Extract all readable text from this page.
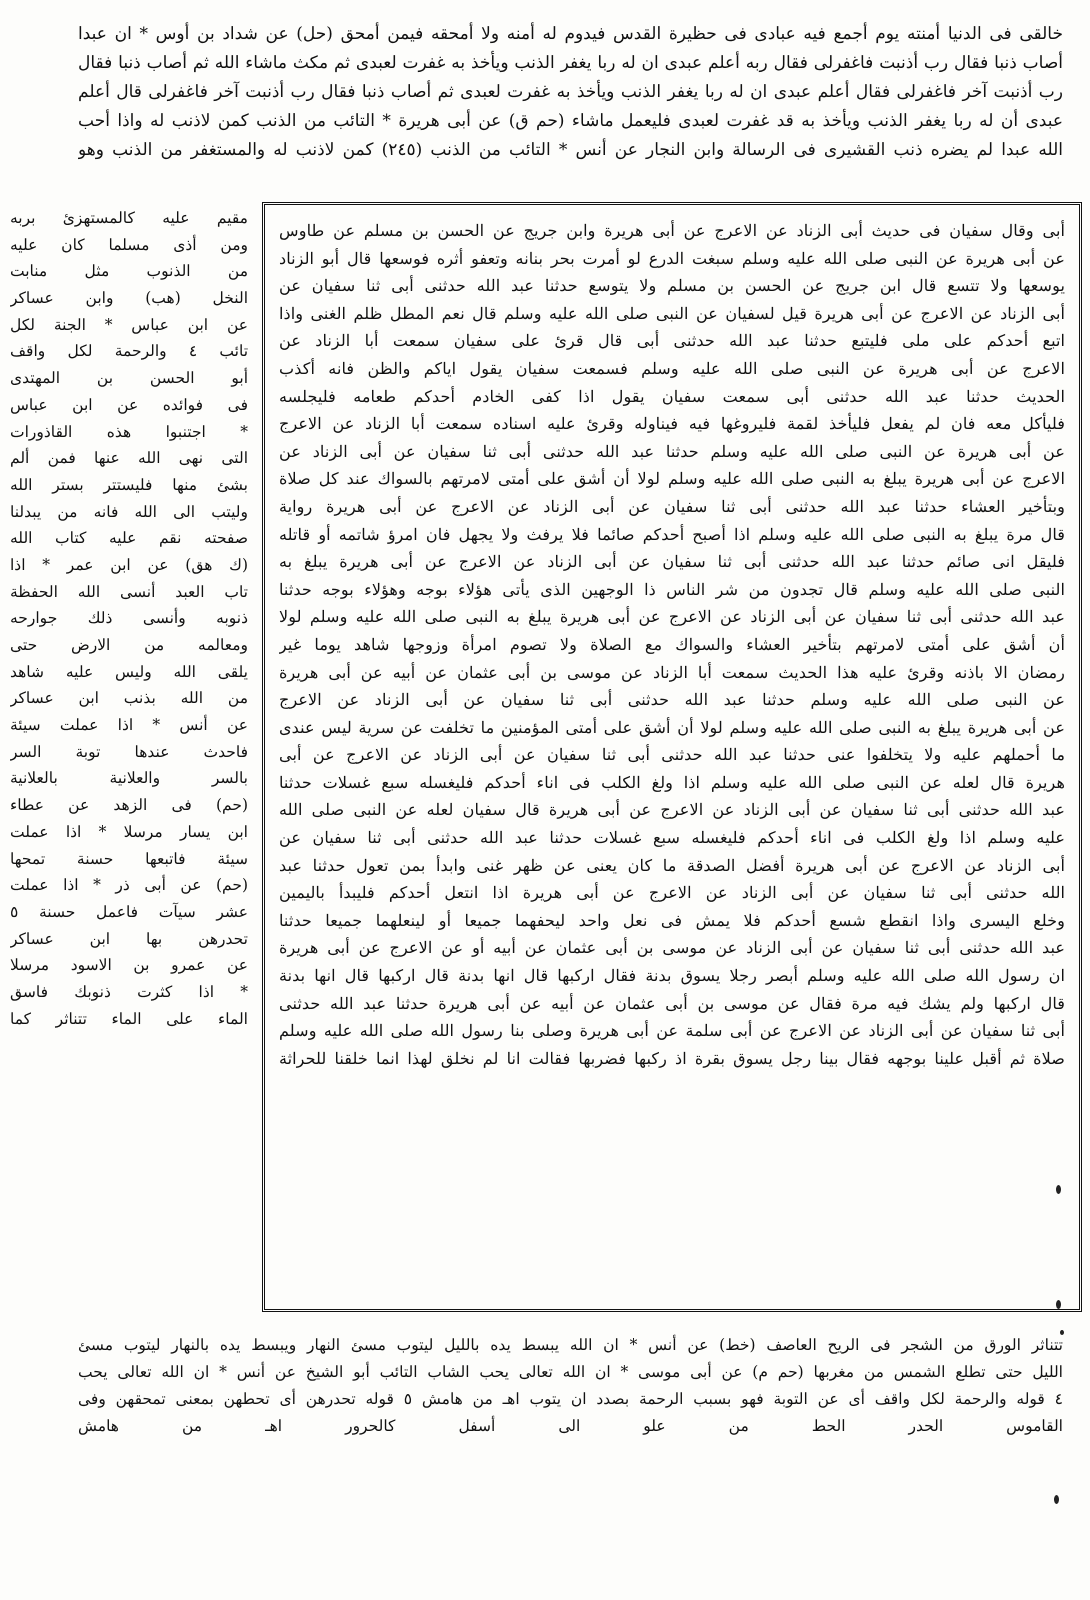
خالقى فى الدنيا أمنته يوم أجمع فيه عبادى فى حظيرة القدس فيدوم له أمنه ولا أمحقه فيمن أمحق (حل) عن شداد بن أوس * ان عبدا
أصاب ذنبا فقال رب أذنبت فاغفرلى فقال ربه أعلم عبدى ان له ربا يغفر الذنب ويأخذ به غفرت لعبدى ثم مكث ماشاء الله ثم أصاب ذنبا فقال
رب أذنبت آخر فاغفرلى فقال أعلم عبدى ان له ربا يغفر الذنب ويأخذ به غفرت لعبدى ثم أصاب ذنبا فقال رب أذنبت آخر فاغفرلى قال أعلم
عبدى أن له ربا يغفر الذنب ويأخذ به قد غفرت لعبدى فليعمل ماشاء (حم ق) عن أبى هريرة * التائب من الذنب كمن لاذنب له واذا أحب
الله عبدا لم يضره ذنب القشيرى فى الرسالة وابن النجار عن أنس * التائب من الذنب (٢٤٥) كمن لاذنب له والمستغفر من الذنب وهو
مقيم عليه كالمستهزئ بربه
ومن أذى مسلما كان عليه
من الذنوب مثل منابت
النخل (هب) وابن عساكر
عن ابن عباس * الجنة لكل
تائب ٤ والرحمة لكل واقف
أبو الحسن بن المهتدى
فى فوائده عن ابن عباس
* اجتنبوا هذه القاذورات
التى نهى الله عنها فمن ألم
بشئ منها فليستتر بستر الله
وليتب الى الله فانه من يبدلنا
صفحته نقم عليه كتاب الله
(ك هق) عن ابن عمر * اذا
تاب العبد أنسى الله الحفظة
ذنوبه وأنسى ذلك جوارحه
ومعالمه من الارض حتى
يلقى الله وليس عليه شاهد
من الله بذنب ابن عساكر
عن أنس * اذا عملت سيئة
فاحدث عندها توبة السر
بالسر والعلانية بالعلانية
(حم) فى الزهد عن عطاء
ابن يسار مرسلا * اذا عملت
سيئة فاتبعها حسنة تمحها
(حم) عن أبى ذر * اذا عملت
عشر سيآت فاعمل حسنة ٥
تحدرهن بها ابن عساكر
عن عمرو بن الاسود مرسلا
* اذا كثرت ذنوبك فاسق
الماء على الماء تتناثر كما
أبى وقال سفيان فى حديث أبى الزناد عن الاعرج عن أبى هريرة وابن جريج عن الحسن بن مسلم عن طاوس
عن أبى هريرة عن النبى صلى الله عليه وسلم سبغت الدرع لو أمرت بحر بنانه وتعفو أثره فوسعها قال أبو الزناد
يوسعها ولا تتسع قال ابن جريج عن الحسن بن مسلم ولا يتوسع حدثنا عبد الله حدثنى أبى ثنا سفيان عن
أبى الزناد عن الاعرج عن أبى هريرة قيل لسفيان عن النبى صلى الله عليه وسلم قال نعم المطل ظلم الغنى واذا
اتبع أحدكم على ملى فليتبع حدثنا عبد الله حدثنى أبى قال قرئ على سفيان سمعت أبا الزناد عن
الاعرج عن أبى هريرة عن النبى صلى الله عليه وسلم فسمعت سفيان يقول اياكم والظن فانه أكذب
الحديث حدثنا عبد الله حدثنى أبى سمعت سفيان يقول اذا كفى الخادم أحدكم طعامه فليجلسه
فليأكل معه فان لم يفعل فليأخذ لقمة فليروغها فيه فيناوله وقرئ عليه اسناده سمعت أبا الزناد عن الاعرج
عن أبى هريرة عن النبى صلى الله عليه وسلم حدثنا عبد الله حدثنى أبى ثنا سفيان عن أبى الزناد عن
الاعرج عن أبى هريرة يبلغ به النبى صلى الله عليه وسلم لولا أن أشق على أمتى لامرتهم بالسواك عند كل صلاة
وبتأخير العشاء حدثنا عبد الله حدثنى أبى ثنا سفيان عن أبى الزناد عن الاعرج عن أبى هريرة رواية
قال مرة يبلغ به النبى صلى الله عليه وسلم اذا أصبح أحدكم صائما فلا يرفث ولا يجهل فان امرؤ شاتمه أو قاتله
فليقل انى صائم حدثنا عبد الله حدثنى أبى ثنا سفيان عن أبى الزناد عن الاعرج عن أبى هريرة يبلغ به
النبى صلى الله عليه وسلم قال تجدون من شر الناس ذا الوجهين الذى يأتى هؤلاء بوجه وهؤلاء بوجه حدثنا
عبد الله حدثنى أبى ثنا سفيان عن أبى الزناد عن الاعرج عن أبى هريرة يبلغ به النبى صلى الله عليه وسلم لولا
أن أشق على أمتى لامرتهم بتأخير العشاء والسواك مع الصلاة ولا تصوم امرأة وزوجها شاهد يوما غير
رمضان الا باذنه وقرئ عليه هذا الحديث سمعت أبا الزناد عن موسى بن أبى عثمان عن أبيه عن أبى هريرة
عن النبى صلى الله عليه وسلم حدثنا عبد الله حدثنى أبى ثنا سفيان عن أبى الزناد عن الاعرج
عن أبى هريرة يبلغ به النبى صلى الله عليه وسلم لولا أن أشق على أمتى المؤمنين ما تخلفت عن سرية ليس عندى
ما أحملهم عليه ولا يتخلفوا عنى حدثنا عبد الله حدثنى أبى ثنا سفيان عن أبى الزناد عن الاعرج عن أبى
هريرة قال لعله عن النبى صلى الله عليه وسلم اذا ولغ الكلب فى اناء أحدكم فليغسله سبع غسلات حدثنا
عبد الله حدثنى أبى ثنا سفيان عن أبى الزناد عن الاعرج عن أبى هريرة قال سفيان لعله عن النبى صلى الله
عليه وسلم اذا ولغ الكلب فى اناء أحدكم فليغسله سبع غسلات حدثنا عبد الله حدثنى أبى ثنا سفيان عن
أبى الزناد عن الاعرج عن أبى هريرة أفضل الصدقة ما كان يعنى عن ظهر غنى وابدأ بمن تعول حدثنا عبد
الله حدثنى أبى ثنا سفيان عن أبى الزناد عن الاعرج عن أبى هريرة اذا انتعل أحدكم فليبدأ باليمين
وخلع اليسرى واذا انقطع شسع أحدكم فلا يمش فى نعل واحد ليحفهما جميعا أو لينعلهما جميعا حدثنا
عبد الله حدثنى أبى ثنا سفيان عن أبى الزناد عن موسى بن أبى عثمان عن أبيه أو عن الاعرج عن أبى هريرة
ان رسول الله صلى الله عليه وسلم أبصر رجلا يسوق بدنة فقال اركبها قال انها بدنة قال اركبها قال انها بدنة
قال اركبها ولم يشك فيه مرة فقال عن موسى بن أبى عثمان عن أبيه عن أبى هريرة حدثنا عبد الله حدثنى
أبى ثنا سفيان عن أبى الزناد عن الاعرج عن أبى سلمة عن أبى هريرة وصلى بنا رسول الله صلى الله عليه وسلم
صلاة ثم أقبل علينا بوجهه فقال بينا رجل يسوق بقرة اذ ركبها فضربها فقالت انا لم نخلق لهذا انما خلقنا للحراثة
تتناثر الورق من الشجر فى الريح العاصف (خط) عن أنس * ان الله يبسط يده بالليل ليتوب مسئ النهار ويبسط يده بالنهار ليتوب مسئ
الليل حتى تطلع الشمس من مغربها (حم م) عن أبى موسى * ان الله تعالى يحب الشاب التائب أبو الشيخ عن أنس * ان الله تعالى يحب
٤ قوله والرحمة لكل واقف أى عن التوبة فهو بسبب الرحمة بصدد ان يتوب اهـ من هامش ٥ قوله تحدرهن أى تحطهن بمعنى تمحقهن وفى
القاموس الحدر الحط من علو الى أسفل كالحرور اهـ من هامش
